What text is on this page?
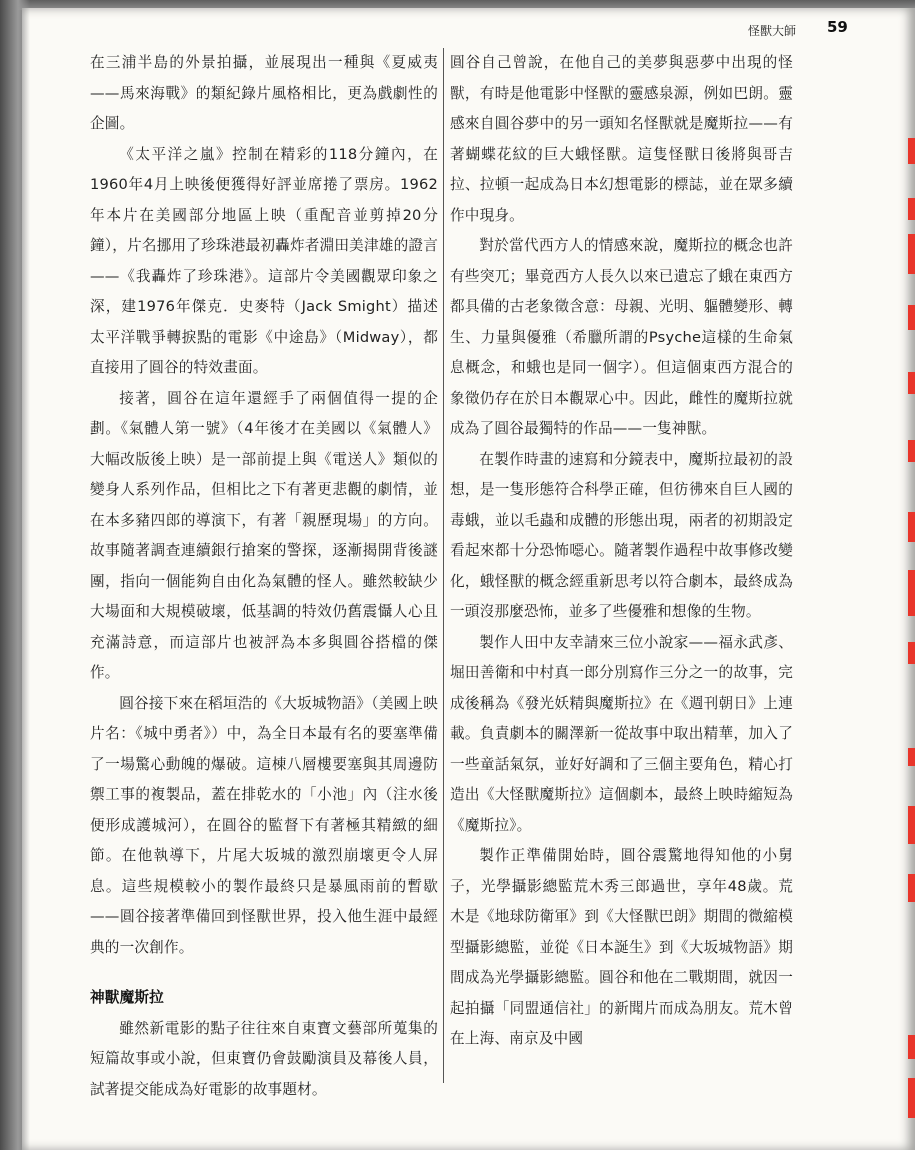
怪獸大師 59

在三浦半島的外景拍攝，並展現出一種與《夏威夷——馬來海戰》的類紀錄片風格相比，更為戲劇性的企圖。

《太平洋之嵐》控制在精彩的118分鐘內，在1960年4月上映後便獲得好評並席捲了票房。1962年本片在美國部分地區上映（重配音並剪掉20分鐘），片名挪用了珍珠港最初轟炸者淵田美津雄的證言——《我轟炸了珍珠港》。這部片令美國觀眾印象之深，建1976年傑克．史麥特（Jack Smight）描述太平洋戰爭轉捩點的電影《中途島》（Midway），都直接用了圓谷的特效畫面。

接著，圓谷在這年還經手了兩個值得一提的企劃。《氣體人第一號》（4年後才在美國以《氣體人》大幅改版後上映）是一部前提上與《電送人》類似的變身人系列作品，但相比之下有著更悲觀的劇情，並在本多豬四郎的導演下，有著「親歷現場」的方向。故事隨著調查連續銀行搶案的警探，逐漸揭開背後謎團，指向一個能夠自由化為氣體的怪人。雖然較缺少大場面和大規模破壞，低基調的特效仍舊震懾人心且充滿詩意，而這部片也被評為本多與圓谷搭檔的傑作。

圓谷接下來在稻垣浩的《大坂城物語》（美國上映片名：《城中勇者》）中，為全日本最有名的要塞準備了一場驚心動魄的爆破。這棟八層樓要塞與其周邊防禦工事的複製品，蓋在排乾水的「小池」內（注水後便形成護城河），在圓谷的監督下有著極其精緻的細節。在他執導下，片尾大坂城的激烈崩壞更令人屏息。這些規模較小的製作最終只是暴風雨前的暫歇——圓谷接著準備回到怪獸世界，投入他生涯中最經典的一次創作。

神獸魔斯拉

雖然新電影的點子往往來自東寶文藝部所蒐集的短篇故事或小說，但東寶仍會鼓勵演員及幕後人員，試著提交能成為好電影的故事題材。

圓谷自己曾說，在他自己的美夢與惡夢中出現的怪獸，有時是他電影中怪獸的靈感泉源，例如巴朗。靈感來自圓谷夢中的另一頭知名怪獸就是魔斯拉——有著蝴蝶花紋的巨大蛾怪獸。這隻怪獸日後將與哥吉拉、拉頓一起成為日本幻想電影的標誌，並在眾多續作中現身。

對於當代西方人的情感來說，魔斯拉的概念也許有些突兀；畢竟西方人長久以來已遺忘了蛾在東西方都具備的古老象徵含意：母親、光明、軀體變形、轉生、力量與優雅（希臘所謂的Psyche這樣的生命氣息概念，和蛾也是同一個字）。但這個東西方混合的象徵仍存在於日本觀眾心中。因此，雌性的魔斯拉就成為了圓谷最獨特的作品——一隻神獸。

在製作時畫的速寫和分鏡表中，魔斯拉最初的設想，是一隻形態符合科學正確，但彷彿來自巨人國的毒蛾，並以毛蟲和成體的形態出現，兩者的初期設定看起來都十分恐怖噁心。隨著製作過程中故事修改變化，蛾怪獸的概念經重新思考以符合劇本，最終成為一頭沒那麼恐怖，並多了些優雅和想像的生物。

製作人田中友幸請來三位小說家——福永武彥、堀田善衛和中村真一郎分別寫作三分之一的故事，完成後稱為《發光妖精與魔斯拉》在《週刊朝日》上連載。負責劇本的關澤新一從故事中取出精華，加入了一些童話氣氛，並好好調和了三個主要角色，精心打造出《大怪獸魔斯拉》這個劇本，最終上映時縮短為《魔斯拉》。

製作正準備開始時，圓谷震驚地得知他的小舅子，光學攝影總監荒木秀三郎過世，享年48歲。荒木是《地球防衛軍》到《大怪獸巴朗》期間的微縮模型攝影總監，並從《日本誕生》到《大坂城物語》期間成為光學攝影總監。圓谷和他在二戰期間，就因一起拍攝「同盟通信社」的新聞片而成為朋友。荒木曾在上海、南京及中國
